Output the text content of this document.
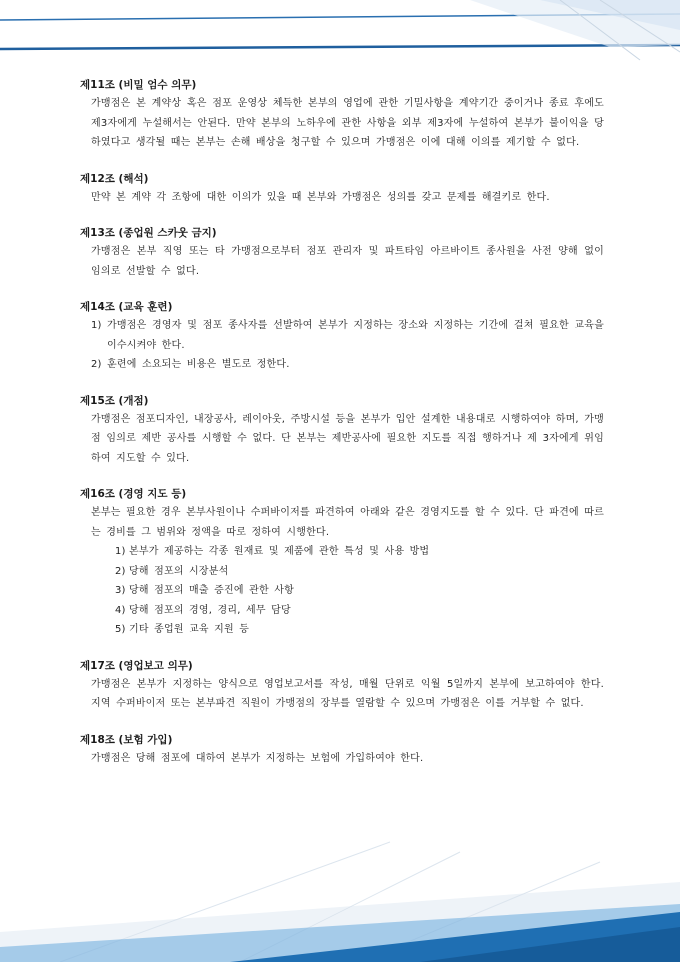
제11조 (비밀 엄수 의무)

가맹점은 본 계약상 혹은 점포 운영상 체득한 본부의 영업에 관한 기밀사항을 계약기간 중이거나 종료 후에도 제3자에게 누설해서는 안된다. 만약 본부의 노하우에 관한 사항을 외부 제3자에 누설하여 본부가 불이익을 당하였다고 생각될 때는 본부는 손해 배상을 청구할 수 있으며 가맹점은 이에 대해 이의를 제기할 수 없다.

제12조 (해석)

만약 본 계약 각 조항에 대한 이의가 있을 때 본부와 가맹점은 성의를 갖고 문제를 해결키로 한다.

제13조 (종업원 스카웃 금지)

가맹점은 본부 직영 또는 타 가맹점으로부터 점포 관리자 및 파트타임 아르바이트 종사원을 사전 양해 없이 임의로 선발할 수 없다.

제14조 (교육 훈련)
1) 가맹점은 경영자 및 점포 종사자를 선발하여 본부가 지정하는 장소와 지정하는 기간에 걸쳐 필요한 교육을 이수시켜야 한다.
2) 훈련에 소요되는 비용은 별도로 정한다.
제15조 (개점)

가맹점은 점포디자인, 내장공사, 레이아웃, 주방시설 등을 본부가 입안 설계한 내용대로 시행하여야 하며, 가맹점 임의로 제반 공사를 시행할 수 없다. 단 본부는 제반공사에 필요한 지도를 직접 행하거나 제 3자에게 위임하여 지도할 수 있다.

제16조 (경영 지도 등)

본부는 필요한 경우 본부사원이나 수퍼바이저를 파견하여 아래와 같은 경영지도를 할 수 있다. 단 파견에 따르는 경비를 그 범위와 정액을 따로 정하여 시행한다.

1) 본부가 제공하는 각종 원재료 및 제품에 관한 특성 및 사용 방법
2) 당해 점포의 시장분석
3) 당해 점포의 매출 증진에 관한 사항
4) 당해 점포의 경영, 경리, 세무 담당
5) 기타 종업원 교육 지원 등
제17조 (영업보고 의무)

가맹점은 본부가 지정하는 양식으로 영업보고서를 작성, 매월 단위로 익월 5일까지 본부에 보고하여야 한다. 지역 수퍼바이저 또는 본부파견 직원이 가맹점의 장부를 열람할 수 있으며 가맹점은 이를 거부할 수 없다.

제18조 (보험 가입)

가맹점은 당해 점포에 대하여 본부가 지정하는 보험에 가입하여야 한다.
